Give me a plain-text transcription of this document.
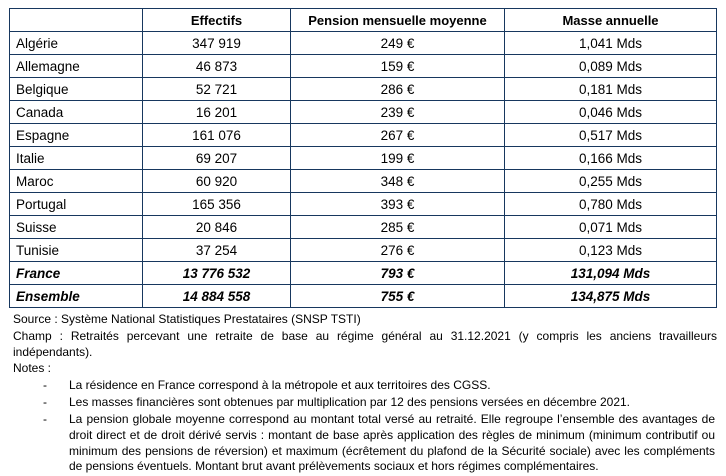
	Effectifs	Pension mensuelle moyenne	Masse annuelle
Algérie	347 919	249 €	1,041 Mds
Allemagne	46 873	159 €	0,089 Mds
Belgique	52 721	286 €	0,181 Mds
Canada	16 201	239 €	0,046 Mds
Espagne	161 076	267 €	0,517 Mds
Italie	69 207	199 €	0,166 Mds
Maroc	60 920	348 €	0,255 Mds
Portugal	165 356	393 €	0,780 Mds
Suisse	20 846	285 €	0,071 Mds
Tunisie	37 254	276 €	0,123 Mds
France	13 776 532	793 €	131,094 Mds
Ensemble	14 884 558	755 €	134,875 Mds
Source : Système National Statistiques Prestataires (SNSP TSTI)
Champ : Retraités percevant une retraite de base au régime général au 31.12.2021 (y compris les anciens travailleurs indépendants).
Notes :
-	La résidence en France correspond à la métropole et aux territoires des CGSS.
-	Les masses financières sont obtenues par multiplication par 12 des pensions versées en décembre 2021.
-	La pension globale moyenne correspond au montant total versé au retraité. Elle regroupe l’ensemble des avantages de droit direct et de droit dérivé servis : montant de base après application des règles de minimum (minimum contributif ou minimum des pensions de réversion) et maximum (écrêtement du plafond de la Sécurité sociale) avec les compléments de pensions éventuels. Montant brut avant prélèvements sociaux et hors régimes complémentaires.
